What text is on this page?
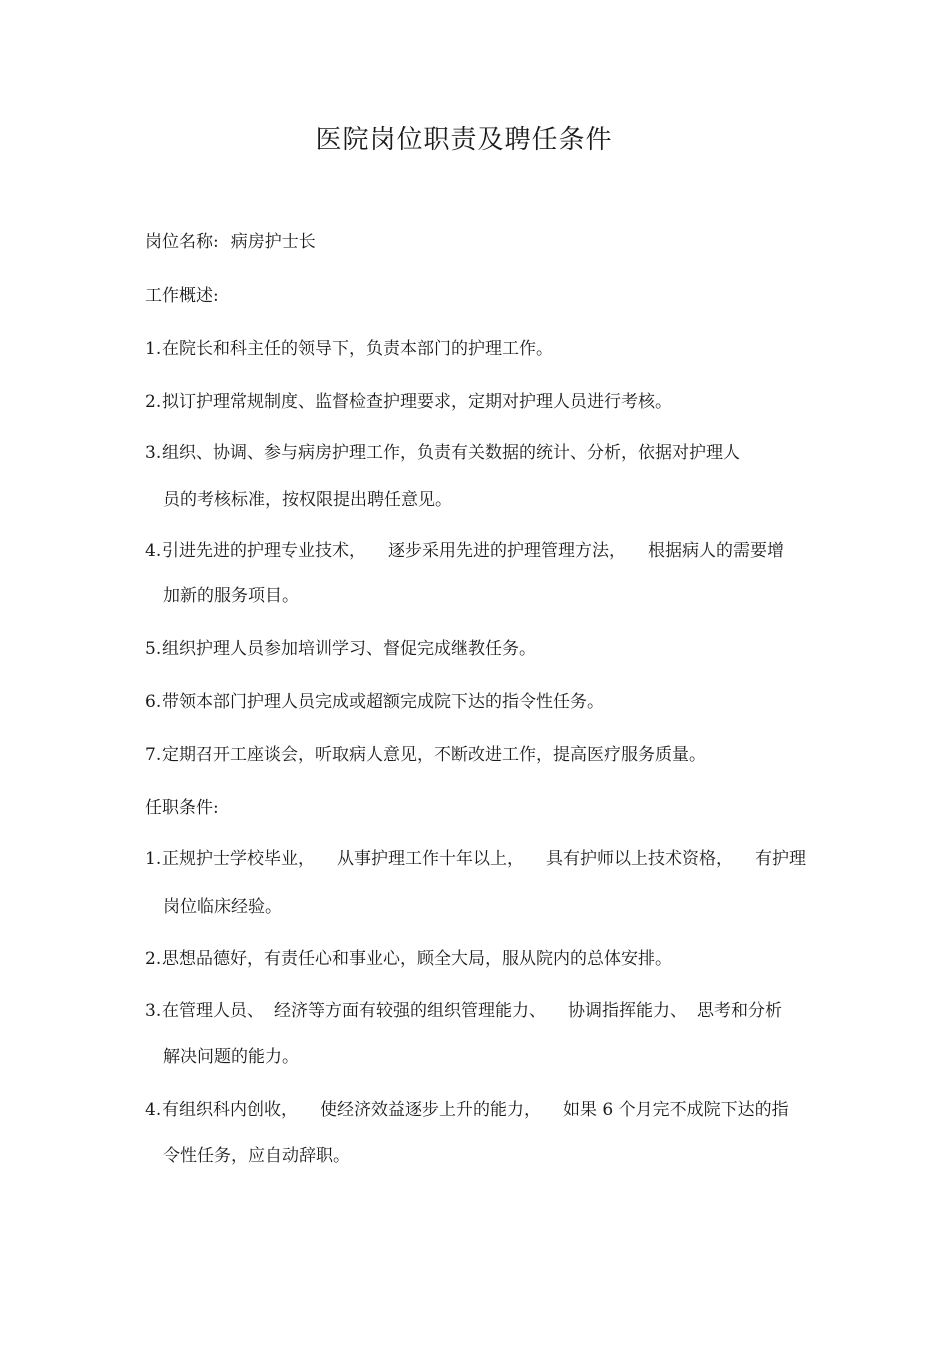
医院岗位职责及聘任条件
岗位名称: 病房护士长
工作概述:
1.在院长和科主任的领导下，负责本部门的护理工作。
2.拟订护理常规制度、监督检查护理要求，定期对护理人员进行考核。
3.组织、协调、参与病房护理工作，负责有关数据的统计、分析，依据对护理人
员的考核标准，按权限提出聘任意见。
4.引进先进的护理专业技术， 逐步采用先进的护理管理方法， 根据病人的需要增
加新的服务项目。
5.组织护理人员参加培训学习、督促完成继教任务。
6.带领本部门护理人员完成或超额完成院下达的指令性任务。
7.定期召开工座谈会，听取病人意见，不断改进工作，提高医疗服务质量。
任职条件:
1.正规护士学校毕业， 从事护理工作十年以上， 具有护师以上技术资格， 有护理
岗位临床经验。
2.思想品德好，有责任心和事业心，顾全大局，服从院内的总体安排。
3.在管理人员、 经济等方面有较强的组织管理能力、 协调指挥能力、 思考和分析
解决问题的能力。
4.有组织科内创收， 使经济效益逐步上升的能力， 如果 6 个月完不成院下达的指
令性任务，应自动辞职。
